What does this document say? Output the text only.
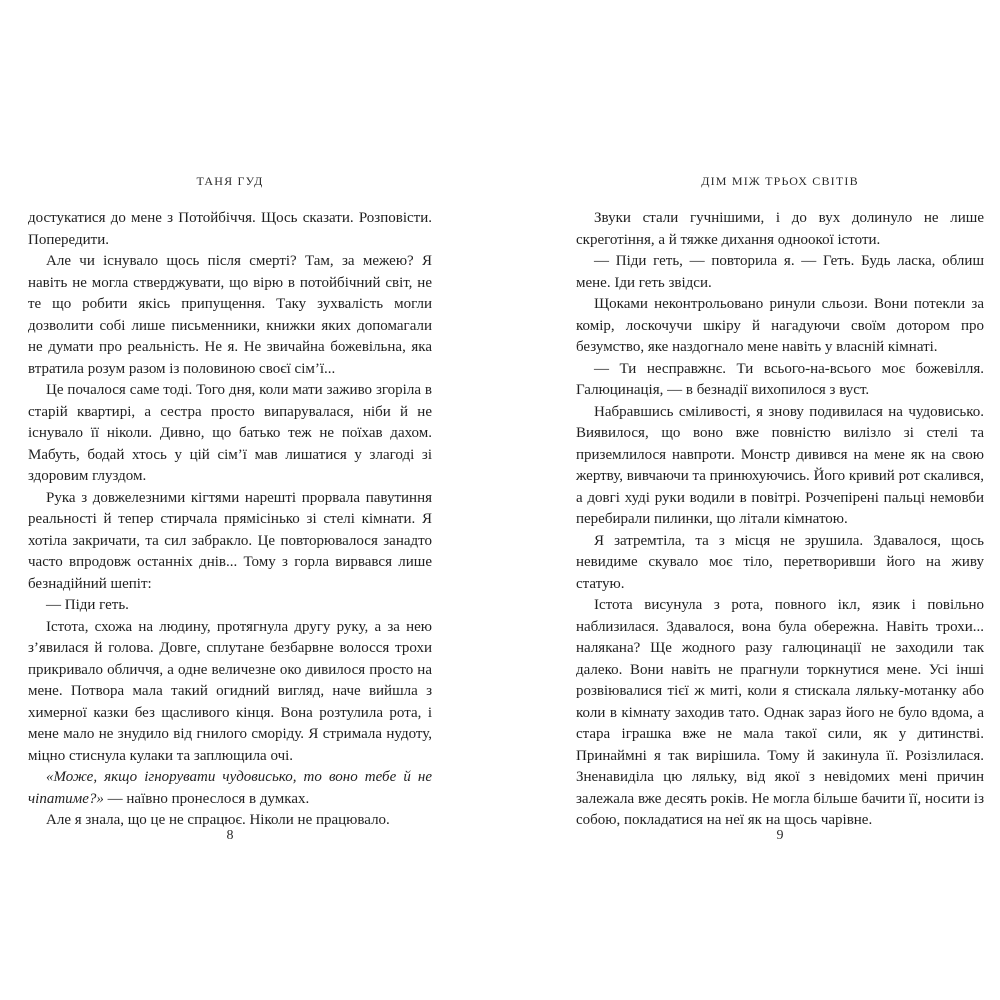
ТАНЯ ГУД

достукатися до мене з Потойбіччя. Щось сказати. Розповісти. Попередити.

Але чи існувало щось після смерті? Там, за межею? Я навіть не могла стверджувати, що вірю в потойбічний світ, не те що робити якісь припущення. Таку зухвалість могли дозволити собі лише письменники, книжки яких допомагали не думати про реальність. Не я. Не звичайна божевільна, яка втратила розум разом із половиною своєї сім’ї...

Це почалося саме тоді. Того дня, коли мати заживо згоріла в старій квартирі, а сестра просто випарувалася, ніби й не існувало її ніколи. Дивно, що батько теж не поїхав дахом. Мабуть, бодай хтось у цій сім’ї мав лишатися у злагоді зі здоровим глуздом.

Рука з довжелезними кігтями нарешті прорвала павутиння реальності й тепер стирчала прямісінько зі стелі кімнати. Я хотіла закричати, та сил забракло. Це повторювалося занадто часто впродовж останніх днів... Тому з горла вирвався лише безнадійний шепіт:

— Піди геть.

Істота, схожа на людину, протягнула другу руку, а за нею з’явилася й голова. Довге, сплутане безбарвне волосся трохи прикривало обличчя, а одне величезне око дивилося просто на мене. Потвора мала такий огидний вигляд, наче вийшла з химерної казки без щасливого кінця. Вона розтулила рота, і мене мало не знудило від гнилого сморіду. Я стримала нудоту, міцно стиснула кулаки та заплющила очі.

«Може, якщо ігнорувати чудовисько, то воно тебе й не чіпатиме?» — наївно пронеслося в думках.

Але я знала, що це не спрацює. Ніколи не працювало.

8
ДІМ МІЖ ТРЬОХ СВІТІВ

Звуки стали гучнішими, і до вух долинуло не лише скреготіння, а й тяжке дихання одноокої істоти.

— Піди геть, — повторила я. — Геть. Будь ласка, облиш мене. Іди геть звідси.

Щоками неконтрольовано ринули сльози. Вони потекли за комір, лоскочучи шкіру й нагадуючи своїм дотором про безумство, яке наздогнало мене навіть у власній кімнаті.

— Ти несправжнє. Ти всього-на-всього моє божевілля. Галюцинація, — в безнадії вихопилося з вуст.

Набравшись сміливості, я знову подивилася на чудовисько. Виявилося, що воно вже повністю вилізло зі стелі та приземлилося навпроти. Монстр дивився на мене як на свою жертву, вивчаючи та принюхуючись. Його кривий рот скалився, а довгі худі руки водили в повітрі. Розчепірені пальці немовби перебирали пилинки, що літали кімнатою.

Я затремтіла, та з місця не зрушила. Здавалося, щось невидиме скувало моє тіло, перетворивши його на живу статую.

Істота висунула з рота, повного ікл, язик і повільно наблизилася. Здавалося, вона була обережна. Навіть трохи... налякана? Ще жодного разу галюцинації не заходили так далеко. Вони навіть не прагнули торкнутися мене. Усі інші розвіювалися тієї ж миті, коли я стискала ляльку-мотанку або коли в кімнату заходив тато. Однак зараз його не було вдома, а стара іграшка вже не мала такої сили, як у дитинстві. Принаймні я так вирішила. Тому й закинула її. Розізлилася. Зненавиділа цю ляльку, від якої з невідомих мені причин залежала вже десять років. Не могла більше бачити її, носити із собою, покладатися на неї як на щось чарівне.

9
